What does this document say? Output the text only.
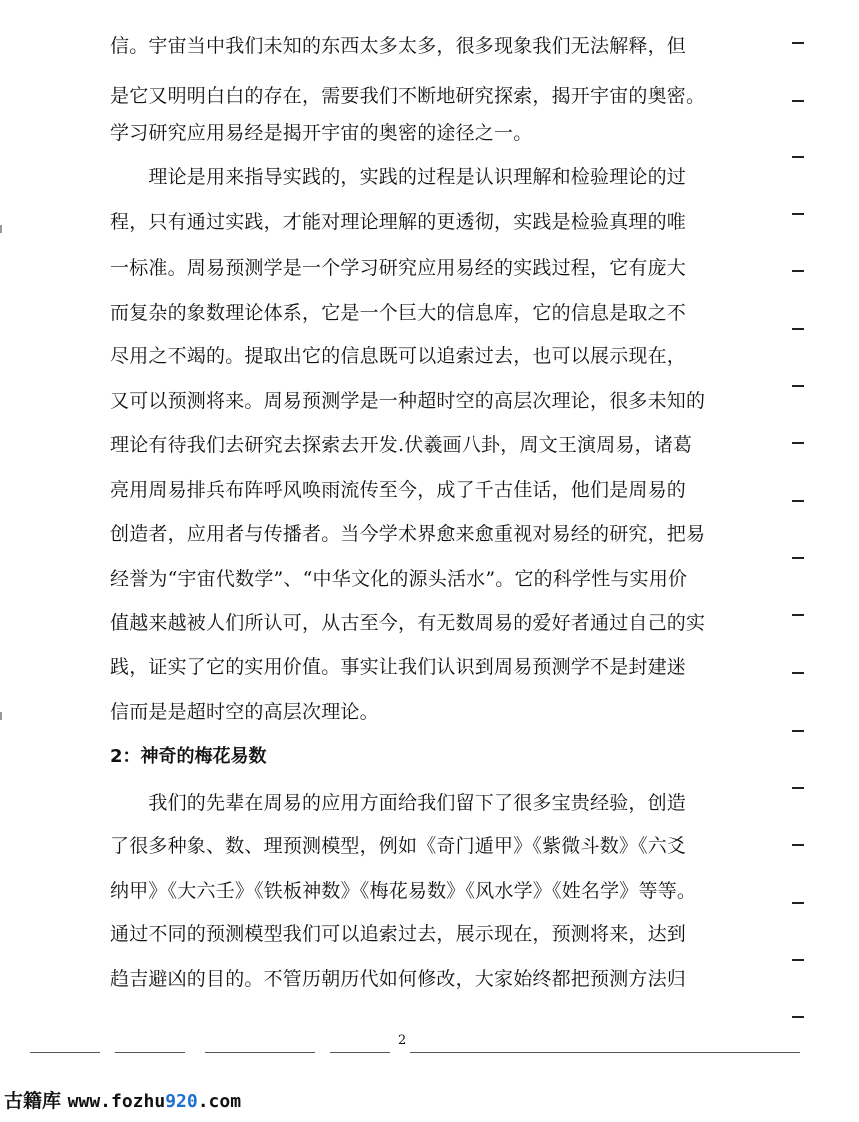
信。宇宙当中我们未知的东西太多太多，很多现象我们无法解释，但
是它又明明白白的存在，需要我们不断地研究探索，揭开宇宙的奥密。
学习研究应用易经是揭开宇宙的奥密的途径之一。
　　理论是用来指导实践的，实践的过程是认识理解和检验理论的过
程，只有通过实践，才能对理论理解的更透彻，实践是检验真理的唯
一标准。周易预测学是一个学习研究应用易经的实践过程，它有庞大
而复杂的象数理论体系，它是一个巨大的信息库，它的信息是取之不
尽用之不竭的。提取出它的信息既可以追索过去，也可以展示现在，
又可以预测将来。周易预测学是一种超时空的高层次理论，很多未知的
理论有待我们去研究去探索去开发.伏羲画八卦，周文王演周易，诸葛
亮用周易排兵布阵呼风唤雨流传至今，成了千古佳话，他们是周易的
创造者，应用者与传播者。当今学术界愈来愈重视对易经的研究，把易
经誉为“宇宙代数学”、“中华文化的源头活水”。它的科学性与实用价
值越来越被人们所认可，从古至今，有无数周易的爱好者通过自己的实
践，证实了它的实用价值。事实让我们认识到周易预测学不是封建迷
信而是是超时空的高层次理论。
2：神奇的梅花易数
　　我们的先辈在周易的应用方面给我们留下了很多宝贵经验，创造
了很多种象、数、理预测模型，例如《奇门遁甲》《紫微斗数》《六爻
纳甲》《大六壬》《铁板神数》《梅花易数》《风水学》《姓名学》等等。
通过不同的预测模型我们可以追索过去，展示现在，预测将来，达到
趋吉避凶的目的。不管历朝历代如何修改，大家始终都把预测方法归
2
古籍库 www.fozhu920.com
